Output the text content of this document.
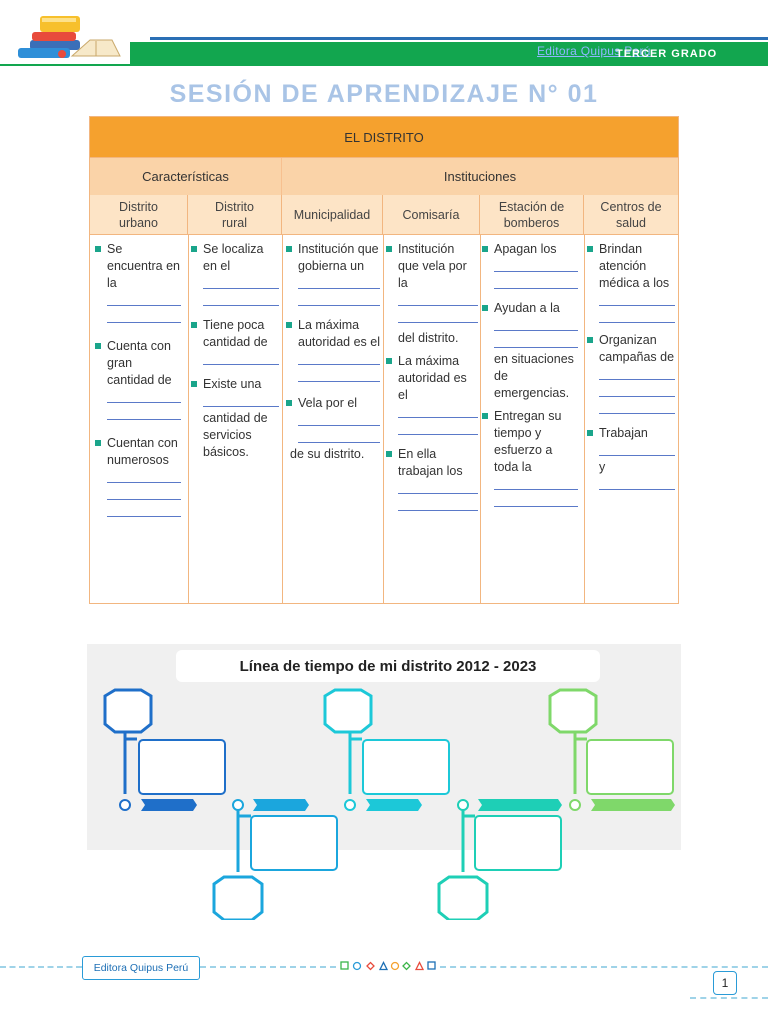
Editora Quipus Perú
TERCER GRADO
SESIÓN DE APRENDIZAJE N° 01
EL DISTRITO
Características	Instituciones
Distrito urbano
Distrito rural
Municipalidad	Comisaría
Estación de bomberos
Centros de salud
Se encuentra en la
Cuenta con gran cantidad de
Cuentan con numerosos
Se localiza en el
Tiene poca cantidad de
Existe una
cantidad de servicios básicos.
Institución que gobierna un
La máxima autoridad es el
Vela por el
de su distrito.
Institución que vela por la
del distrito.
La máxima autoridad es el
En ella trabajan los
Apagan los
Ayudan a la
en situaciones de emergencias.
Entregan su tiempo y esfuerzo a toda la
Brindan atención médica a los
Organizan campañas de
Trabajan
y
Línea de tiempo de mi distrito 2012 - 2023
Editora Quipus Perú
1
